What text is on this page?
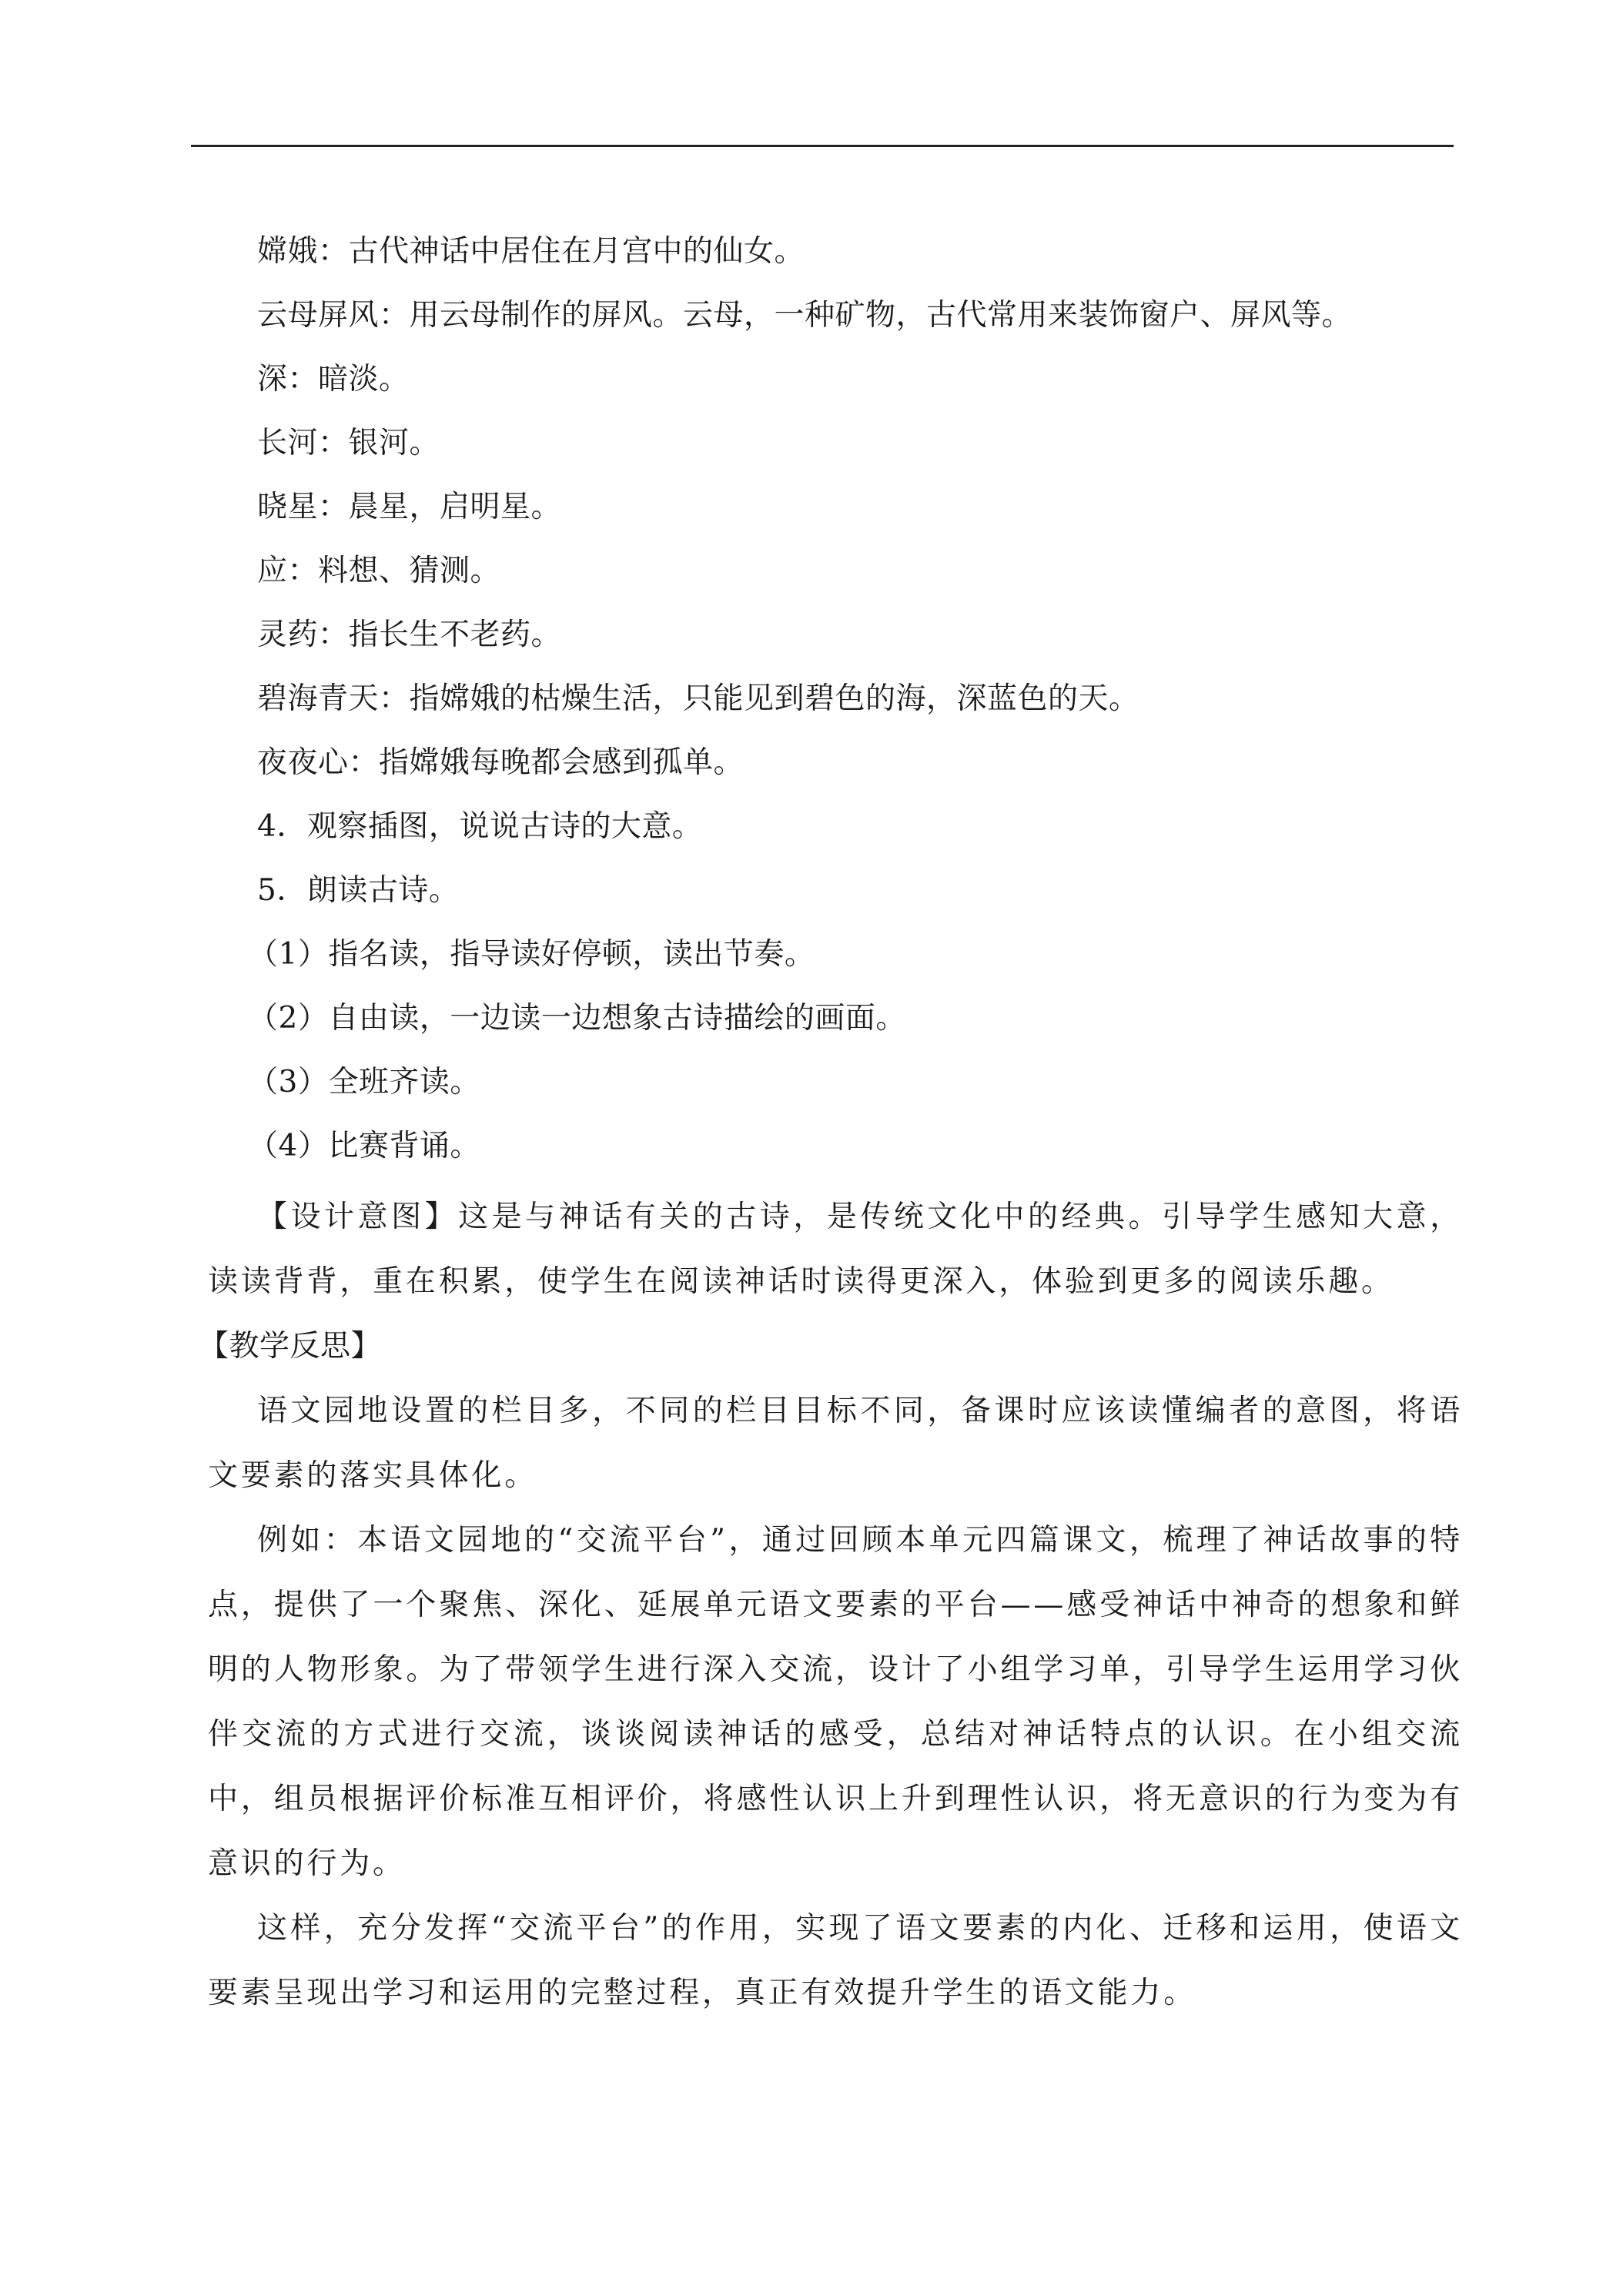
嫦娥：古代神话中居住在月宫中的仙女。

云母屏风：用云母制作的屏风。云母，一种矿物，古代常用来装饰窗户、屏风等。

深：暗淡。

长河：银河。

晓星：晨星，启明星。

应：料想、猜测。

灵药：指长生不老药。

碧海青天：指嫦娥的枯燥生活，只能见到碧色的海，深蓝色的天。

夜夜心：指嫦娥每晚都会感到孤单。

4．观察插图，说说古诗的大意。

5．朗读古诗。

（1）指名读，指导读好停顿，读出节奏。

（2）自由读，一边读一边想象古诗描绘的画面。

（3）全班齐读。

（4）比赛背诵。

【设计意图】这是与神话有关的古诗，是传统文化中的经典。引导学生感知大意，读读背背，重在积累，使学生在阅读神话时读得更深入，体验到更多的阅读乐趣。

【教学反思】

语文园地设置的栏目多，不同的栏目目标不同，备课时应该读懂编者的意图，将语文要素的落实具体化。

例如：本语文园地的“交流平台”，通过回顾本单元四篇课文，梳理了神话故事的特点，提供了一个聚焦、深化、延展单元语文要素的平台——感受神话中神奇的想象和鲜明的人物形象。为了带领学生进行深入交流，设计了小组学习单，引导学生运用学习伙伴交流的方式进行交流，谈谈阅读神话的感受，总结对神话特点的认识。在小组交流中，组员根据评价标准互相评价，将感性认识上升到理性认识，将无意识的行为变为有意识的行为。

这样，充分发挥“交流平台”的作用，实现了语文要素的内化、迁移和运用，使语文要素呈现出学习和运用的完整过程，真正有效提升学生的语文能力。
